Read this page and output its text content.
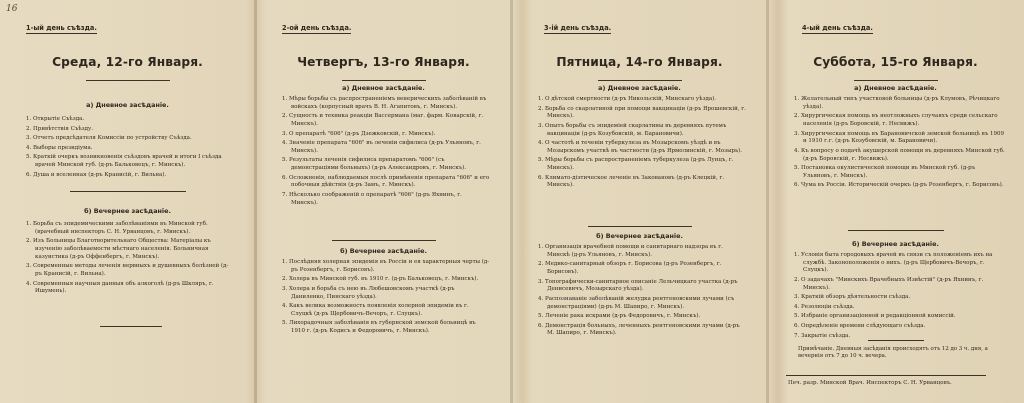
16
1-ый день съѣзда.
Среда, 12-го Января.
а) Дневное засѣданіе.
1. Открытіе Съѣзда.
2. Привѣтствія Съѣзду.
3. Отчетъ предсѣдателя Комиссіи по устройству Съѣзда.
4. Выборы президіума.
5. Краткій очеркъ возникновенія съѣздовъ врачей и итоги I съѣзда врачей Минской губ. (д-ръ Бальковецъ, г. Минскъ).
6. Душа и вселенная (д-ръ Кранисій, г. Вильна).
б) Вечернее засѣданіе.
1. Борьба съ эпидемическими заболѣваніями въ Минской губ. (врачебный инспекторъ С. Н. Урванцовъ, г. Минскъ).
2. Изъ Больницы Благотворительнаго Общества: Матеріалы къ изученію заболѣваемости мѣстнаго населенія. Больничная казуистика (д-ръ Оффенбергъ, г. Минскъ).
3. Современные методы леченія нервныхъ и душевныхъ болѣзней (д-ръ Кранисій, г. Вильна).
4. Современныя научныя данныя объ алкоголѣ (д-ръ Шкляръ, г. Ишумень).
2-ой день съѣзда.
Четвергъ, 13-го Января.
а) Дневное засѣданіе.
1. Мѣры борьбы съ распространеніемъ венерическихъ заболѣваній въ войскахъ (корпусный врачъ В. Н. Агапитовъ, г. Минскъ).
2. Сущность и техника реакціи Вассермана (маг. фарм. Коварскій, г. Минскъ).
3. О препаратѣ "606" (д-ръ Дзежковскій, г. Минскъ).
4. Значеніе препарата "606" въ леченіи сифилиса (д-ръ Ульяновъ, г. Минскъ).
5. Результаты леченія сифилиса препаратомъ "606" (съ демонстраціями больныхъ) (д-ръ Александровъ, г. Минскъ).
6. Осложненія, наблюдаемыя послѣ примѣненія препарата "606" и его побочныя дѣйствія (д-ръ Замъ, г. Минскъ).
7. Нѣсколько соображеній о препаратѣ "606" (д-ръ Яхнинъ, г. Минскъ).
б) Вечернее засѣданіе.
1. Послѣдняя холерная эпидемія въ Россіи и ея характерныя черты (д-ръ Розенбергъ, г. Борисовъ).
2. Холера въ Минской губ. въ 1910 г. (д-ръ Бальковецъ, г. Минскъ).
3. Холера и борьба съ нею въ Любешовскомъ участкѣ (д-ръ Даниленко, Пинскаго уѣзда).
4. Какъ велика возможность появленія холерной эпидеміи въ г. Слуцкѣ (д-ръ Щербовичъ-Вечоръ, г. Слуцкъ).
5. Лихорадочныя заболѣванія въ губернской земской больницѣ въ 1910 г. (д-ръ Кодисъ и Федоровичъ, г. Минскъ).
3-ій день съѣзда.
Пятница, 14-го Января.
а) Дневное засѣданіе.
1. О дѣтской смертности (д-ръ Никольскій, Минскаго уѣзда).
2. Борьба со скарлатиной при помощи вакцинаціи (д-ръ Ярошевскій, г. Минскъ).
3. Опытъ борьбы съ эпидеміей скарлатины въ деревняхъ путемъ вакцинаціи (д-ръ Козубовскій, м. Барановичи).
4. О частотѣ и теченіи туберкулеза въ Мозырскомъ уѣздѣ и въ Мозырскомъ участкѣ въ частности (д-ръ Ярмолинскій, г. Мозырь).
5. Мѣры борьбы съ распространеніемъ туберкулеза (д-ръ Лунцъ, г. Минскъ).
6. Климато-діэтическое леченіе въ Заковановъ (д-ръ Клецкій, г. Минскъ).
б) Вечернее засѣданіе.
1. Организація врачебной помощи и санитарнаго надзора въ г. Минскѣ (д-ръ Ульяновъ, г. Минскъ).
2. Медико-санитарный обзоръ г. Борисова (д-ръ Розенбергъ, г. Борисовъ).
3. Топографически-санитарное описаніе Лельчицкаго участка (д-ръ Денисевичъ, Мозырскаго уѣзда).
4. Распознаваніе заболѣваній желудка рентгеновскими лучами (съ демонстраціями) (д-ръ М. Шапиро, г. Минскъ).
5. Леченіе рака искрами (д-ръ Федоровичъ, г. Минскъ).
6. Демонстрація больныхъ, леченныхъ рентгеновскими лучами (д-ръ М. Шапиро, г. Минскъ).
4-ый день съѣзда.
Суббота, 15-го Января.
а) Дневное засѣданіе.
1. Желательный типъ участковой больницы (д-ръ Клумовъ, Рѣчицкаго уѣзда).
2. Хирургическая помощь въ неотложныхъ случаяхъ среди сельскаго населенія (д-ръ Боровскій, г. Несвижъ).
3. Хирургическая помощь въ Барановичской земской больницѣ въ 1909 и 1910 г.г. (д-ръ Козубовскій, м. Барановичи).
4. Къ вопросу о подачѣ акушерской помощи въ деревняхъ Минской губ. (д-ръ Боровскій, г. Несвижъ).
5. Постановка окулистической помощи въ Минской губ. (д-ръ Ульяновъ, г. Минскъ).
6. Чума въ Россіи. Историческій очеркъ (д-ръ Розенбергъ, г. Борисовъ).
б) Вечернее засѣданіе.
1. Условія быта городовыхъ врачей въ связи съ положеніемъ ихъ на службѣ. Законоположенія о нихъ. (д-ръ Щербовичъ-Вечоръ, г. Слуцкъ).
2. О задачахъ "Минскихъ Врачебныхъ Извѣстій" (д-ръ Яхнинъ, г. Минскъ).
3. Краткій обзоръ дѣятельности съѣзда.
4. Резолюціи съѣзда.
5. Избраніе организаціонной и редакціонной комиссій.
6. Опредѣленіе времени слѣдующаго съѣзда.
7. Закрытіе съѣзда.
Примѣчаніе. Дневныя засѣданія происходятъ отъ 12 до 3 ч. дня, а вечернія отъ 7 до 10 ч. вечера.
Печ. разр. Минской Врач. Инспекторъ С. Н. Урванцовъ.
